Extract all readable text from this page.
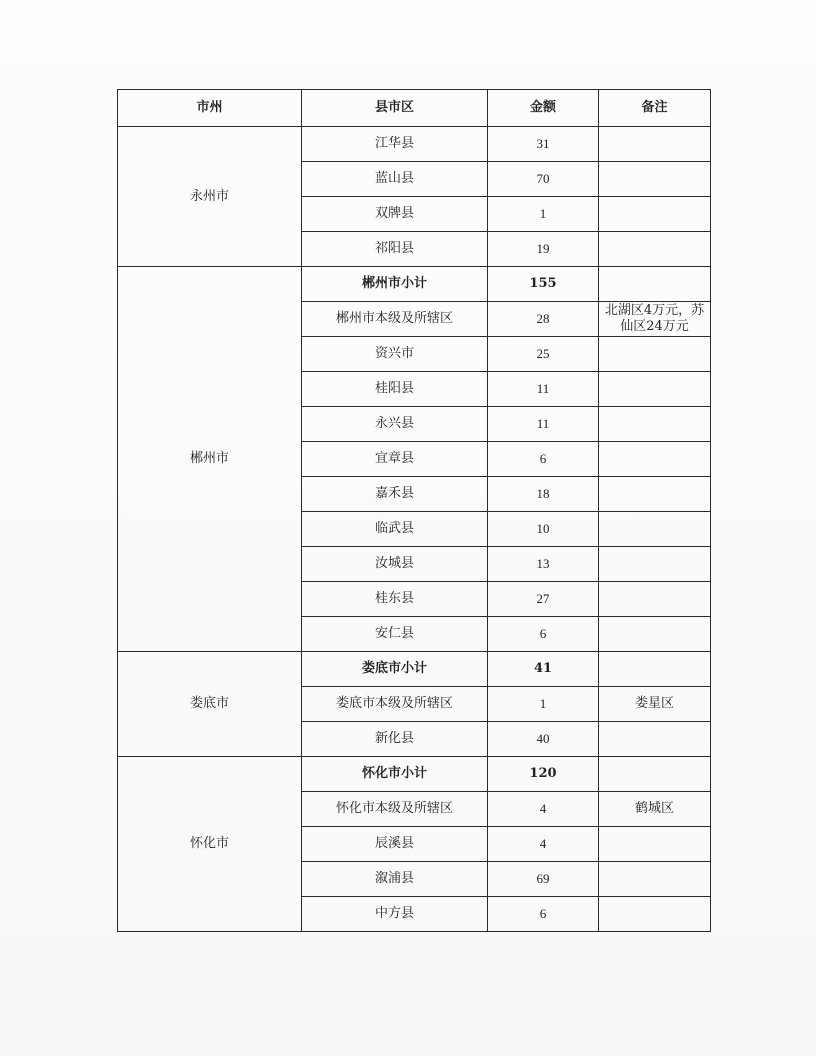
市州	县市区	金额	备注
永州市	江华县	31	
	蓝山县	70	
	双牌县	1	
	祁阳县	19	
郴州市	郴州市小计	155	
	郴州市本级及所辖区	28	北湖区4万元，苏仙区24万元
	资兴市	25	
	桂阳县	11	
	永兴县	11	
	宜章县	6	
	嘉禾县	18	
	临武县	10	
	汝城县	13	
	桂东县	27	
	安仁县	6	
娄底市	娄底市小计	41	
	娄底市本级及所辖区	1	娄星区
	新化县	40	
怀化市	怀化市小计	120	
	怀化市本级及所辖区	4	鹤城区
	辰溪县	4	
	溆浦县	69	
	中方县	6	
